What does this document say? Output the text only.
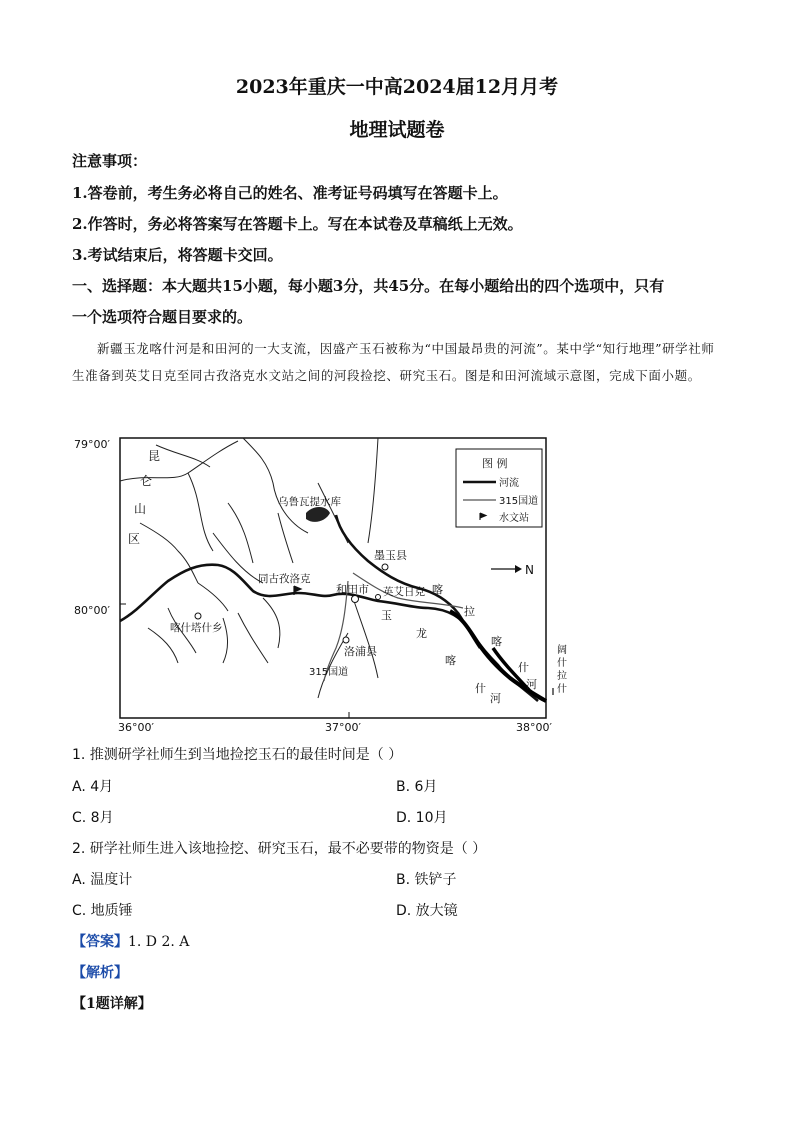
2023年重庆一中高2024届12月月考
地理试题卷
注意事项：
1.答卷前，考生务必将自己的姓名、准考证号码填写在答题卡上。
2.作答时，务必将答案写在答题卡上。写在本试卷及草稿纸上无效。
3.考试结束后，将答题卡交回。
一、选择题：本大题共15小题，每小题3分，共45分。在每小题给出的四个选项中，只有
一个选项符合题目要求的。
新疆玉龙喀什河是和田河的一大支流，因盛产玉石被称为“中国最昂贵的河流”。某中学“知行地理”研学社师生准备到英艾日克至同古孜洛克水文站之间的河段捡挖、研究玉石。图是和田河流域示意图，完成下面小题。
79°00′
80°00′
36°00′	37°00′	38°00′
昆
仑
山
区
乌鲁瓦提水库
墨玉县
和田市 英艾日克
洛浦县
喀什塔什乡
同古孜洛克
315国道
喀
拉
喀
什
河
玉
龙
喀
什
河
阔
什
拉
什
N
图 例
河流
315国道
水文站
1. 推测研学社师生到当地捡挖玉石的最佳时间是（ ）
A. 4月	B. 6月
C. 8月	D. 10月
2. 研学社师生进入该地捡挖、研究玉石，最不必要带的物资是（ ）
A. 温度计	B. 铁铲子
C. 地质锤	D. 放大镜
【答案】1. D 2. A
【解析】
【1题详解】
